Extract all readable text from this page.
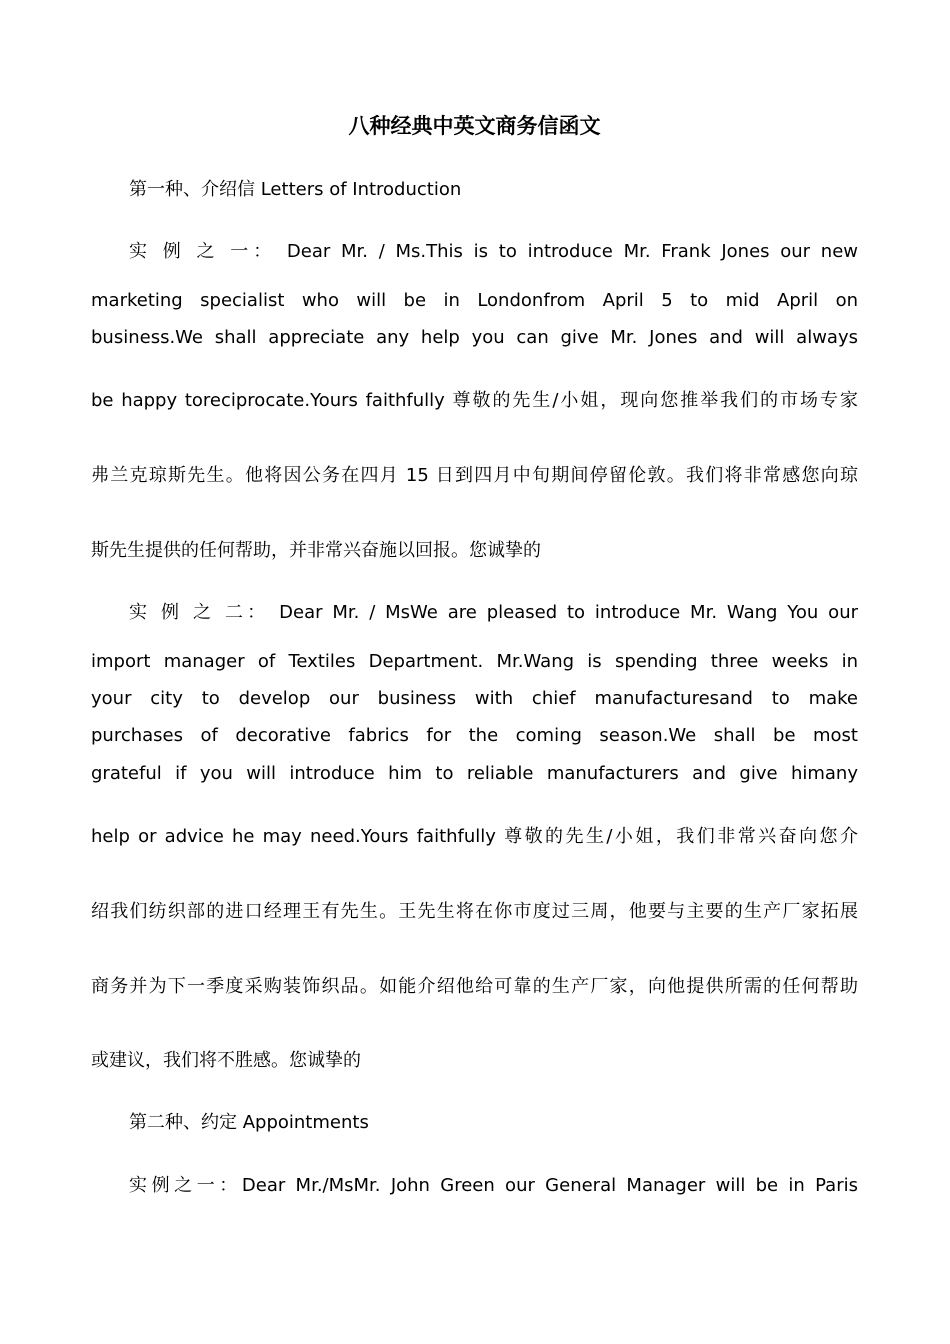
八种经典中英文商务信函文
第一种、介绍信 Letters of Introduction
实 例 之 一： Dear Mr. / Ms.This is to introduce Mr. Frank Jones our new
marketing specialist who will be in Londonfrom April 5 to mid April on
business.We shall appreciate any help you can give Mr. Jones and will always
be happy toreciprocate.Yours faithfully 尊敬的先生/小姐，现向您推举我们的市场专家
弗兰克琼斯先生。他将因公务在四月 15 日到四月中旬期间停留伦敦。我们将非常感您向琼
斯先生提供的任何帮助，并非常兴奋施以回报。您诚挚的
实 例 之 二： Dear Mr. / MsWe are pleased to introduce Mr. Wang You our
import manager of Textiles Department. Mr.Wang is spending three weeks in
your city to develop our business with chief manufacturesand to make
purchases of decorative fabrics for the coming season.We shall be most
grateful if you will introduce him to reliable manufacturers and give himany
help or advice he may need.Yours faithfully 尊敬的先生/小姐，我们非常兴奋向您介
绍我们纺织部的进口经理王有先生。王先生将在你市度过三周，他要与主要的生产厂家拓展
商务并为下一季度采购装饰织品。如能介绍他给可靠的生产厂家，向他提供所需的任何帮助
或建议，我们将不胜感。您诚挚的
第二种、约定 Appointments
实例之一：Dear Mr./MsMr. John Green our General Manager will be in Paris
